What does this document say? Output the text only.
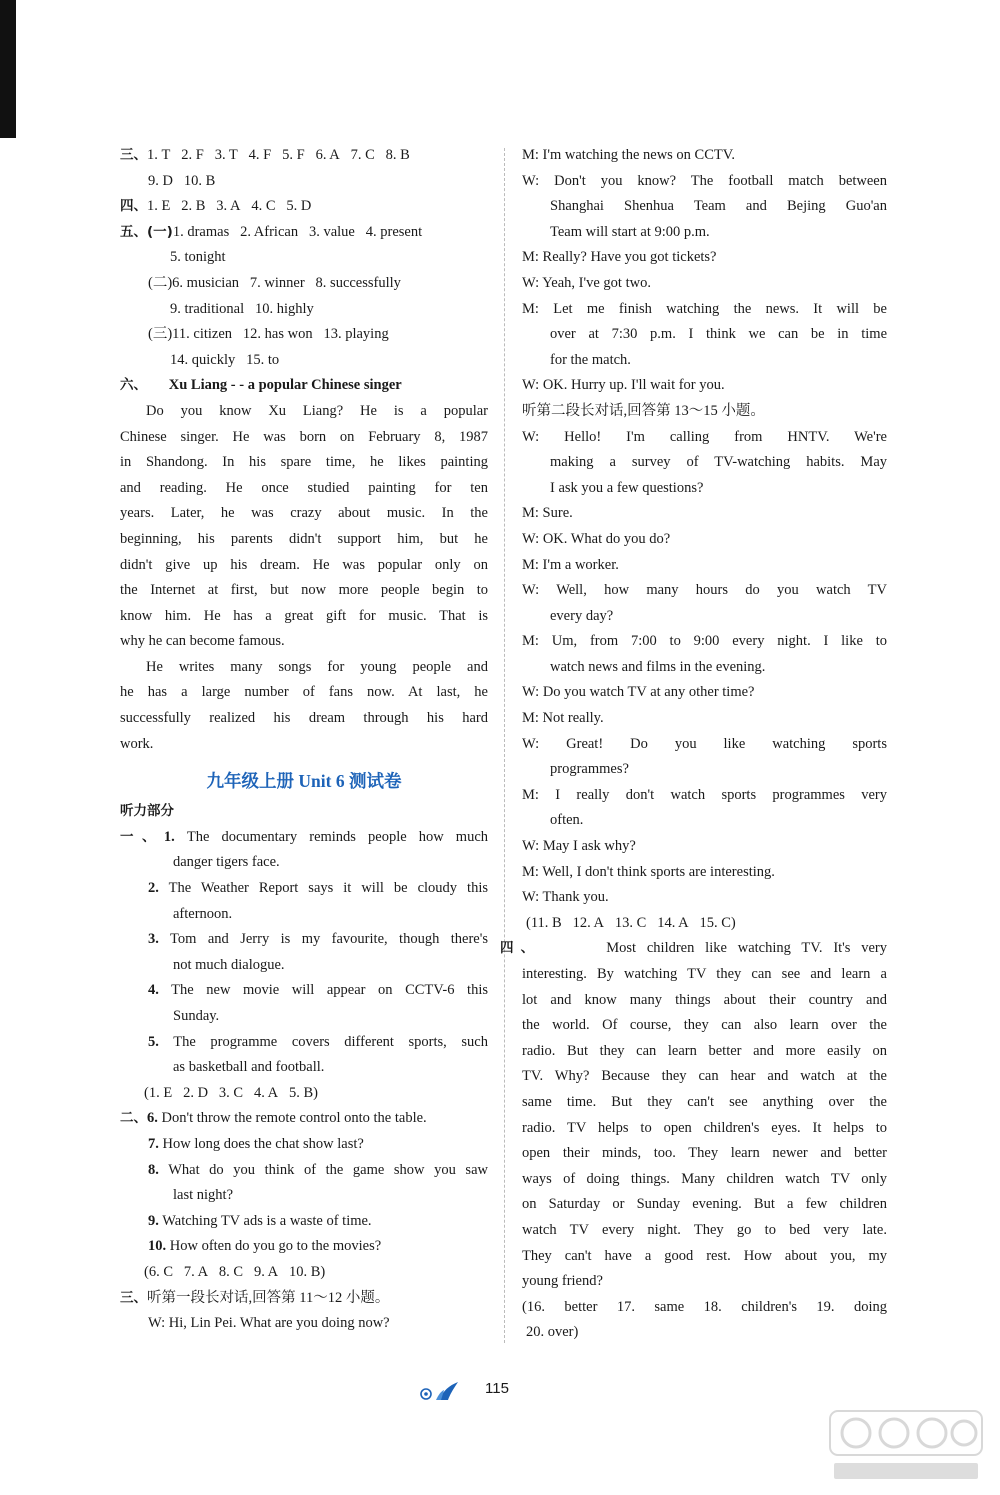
三、1. T 2. F 3. T 4. F 5. F 6. A 7. C 8. B
9. D 10. B
四、1. E 2. B 3. A 4. C 5. D
五、(一)1. dramas 2. African 3. value 4. present
5. tonight
(二)6. musician 7. winner 8. successfully
9. traditional 10. highly
(三)11. citizen 12. has won 13. playing
14. quickly 15. to
六、 Xu Liang - - a popular Chinese singer
Do you know Xu Liang? He is a popular
Chinese singer. He was born on February 8, 1987
in Shandong. In his spare time, he likes painting
and reading. He once studied painting for ten
years. Later, he was crazy about music. In the
beginning, his parents didn't support him, but he
didn't give up his dream. He was popular only on
the Internet at first, but now more people begin to
know him. He has a great gift for music. That is
why he can become famous.
He writes many songs for young people and
he has a large number of fans now. At last, he
successfully realized his dream through his hard
work.
九年级上册 Unit 6 测试卷
听力部分
一、1. The documentary reminds people how much
danger tigers face.
2. The Weather Report says it will be cloudy this
afternoon.
3. Tom and Jerry is my favourite, though there's
not much dialogue.
4. The new movie will appear on CCTV-6 this
Sunday.
5. The programme covers different sports, such
as basketball and football.
(1. E 2. D 3. C 4. A 5. B)
二、6. Don't throw the remote control onto the table.
7. How long does the chat show last?
8. What do you think of the game show you saw
last night?
9. Watching TV ads is a waste of time.
10. How often do you go to the movies?
(6. C 7. A 8. C 9. A 10. B)
三、听第一段长对话,回答第 11～12 小题。
W: Hi, Lin Pei. What are you doing now?
M: I'm watching the news on CCTV.
W: Don't you know? The football match between
Shanghai Shenhua Team and Bejing Guo'an
Team will start at 9:00 p.m.
M: Really? Have you got tickets?
W: Yeah, I've got two.
M: Let me finish watching the news. It will be
over at 7:30 p.m. I think we can be in time
for the match.
W: OK. Hurry up. I'll wait for you.
听第二段长对话,回答第 13～15 小题。
W: Hello! I'm calling from HNTV. We're
making a survey of TV-watching habits. May
I ask you a few questions?
M: Sure.
W: OK. What do you do?
M: I'm a worker.
W: Well, how many hours do you watch TV
every day?
M: Um, from 7:00 to 9:00 every night. I like to
watch news and films in the evening.
W: Do you watch TV at any other time?
M: Not really.
W: Great! Do you like watching sports
programmes?
M: I really don't watch sports programmes very
often.
W: May I ask why?
M: Well, I don't think sports are interesting.
W: Thank you.
(11. B 12. A 13. C 14. A 15. C)
四、	Most children like watching TV. It's very
interesting. By watching TV they can see and learn a
lot and know many things about their country and
the world. Of course, they can also learn over the
radio. But they can learn better and more easily on
TV. Why? Because they can hear and watch at the
same time. But they can't see anything over the
radio. TV helps to open children's eyes. It helps to
open their minds, too. They learn newer and better
ways of doing things. Many children watch TV only
on Saturday or Sunday evening. But a few children
watch TV every night. They go to bed very late.
They can't have a good rest. How about you, my
young friend?
(16. better 17. same 18. children's 19. doing
20. over)
115
